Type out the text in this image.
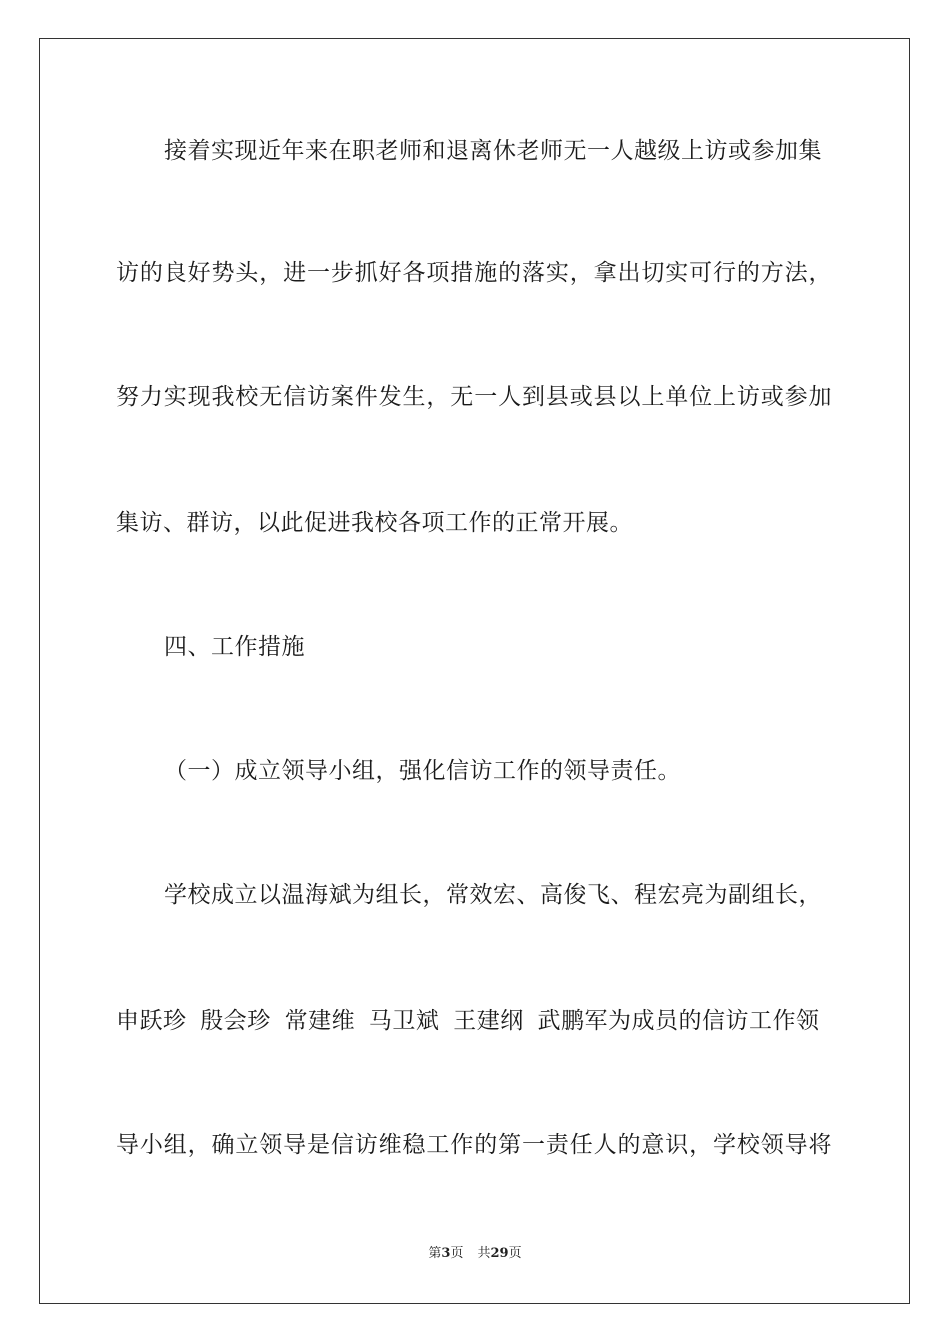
接着实现近年来在职老师和退离休老师无一人越级上访或参加集
访的良好势头，进一步抓好各项措施的落实，拿出切实可行的方法，
努力实现我校无信访案件发生，无一人到县或县以上单位上访或参加
集访、群访，以此促进我校各项工作的正常开展。
四、工作措施
（一）成立领导小组，强化信访工作的领导责任。
学校成立以温海斌为组长，常效宏、高俊飞、程宏亮为副组长，
申跃珍 殷会珍 常建维 马卫斌 王建纲 武鹏军为成员的信访工作领
导小组，确立领导是信访维稳工作的第一责任人的意识，学校领导将
第3页 共29页
